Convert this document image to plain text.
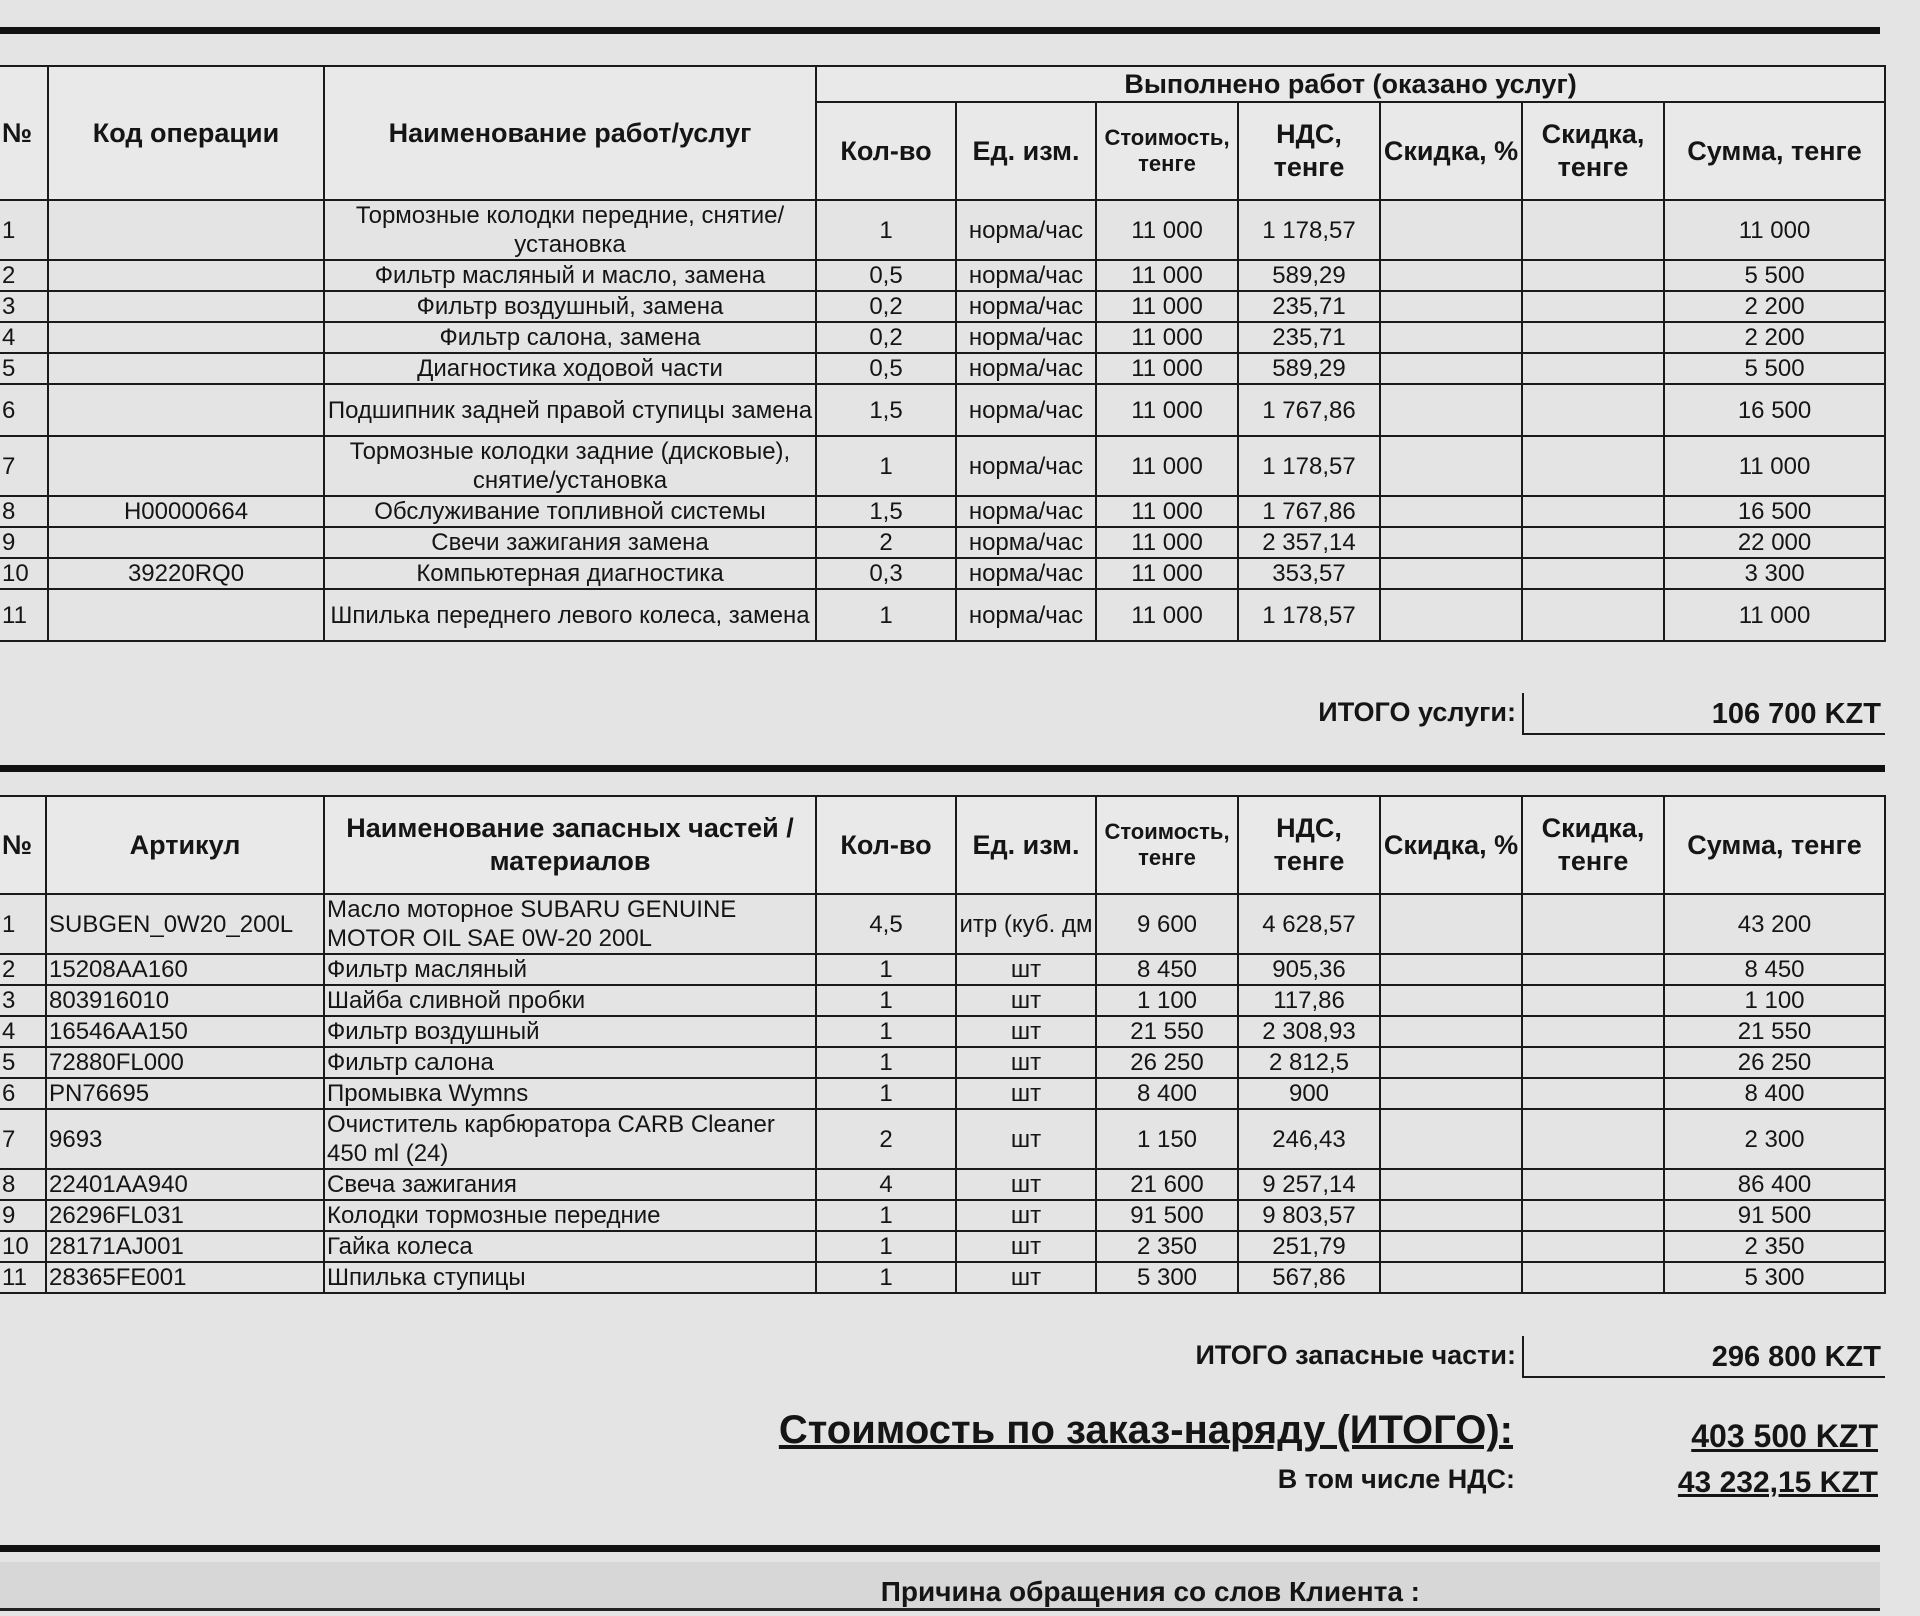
№	Код операции	Наименование работ/услуг	Выполнено работ (оказано услуг)						
			Кол-во	Ед. изм.	Стоимость, тенге	НДС, тенге	Скидка, %	Скидка, тенге	Сумма, тенге
1		Тормозные колодки передние, снятие/установка	1	норма/час	11 000	1 178,57			11 000
2		Фильтр масляный и масло, замена	0,5	норма/час	11 000	589,29			5 500
3		Фильтр воздушный, замена	0,2	норма/час	11 000	235,71			2 200
4		Фильтр салона, замена	0,2	норма/час	11 000	235,71			2 200
5		Диагностика ходовой части	0,5	норма/час	11 000	589,29			5 500
6		Подшипник задней правой ступицы замена	1,5	норма/час	11 000	1 767,86			16 500
7		Тормозные колодки задние (дисковые), снятие/установка	1	норма/час	11 000	1 178,57			11 000
8	H00000664	Обслуживание топливной системы	1,5	норма/час	11 000	1 767,86			16 500
9		Свечи зажигания замена	2	норма/час	11 000	2 357,14			22 000
10	39220RQ0	Компьютерная диагностика	0,3	норма/час	11 000	353,57			3 300
11		Шпилька переднего левого колеса, замена	1	норма/час	11 000	1 178,57			11 000
ИТОГО услуги:	106 700 KZT
№	Артикул	Наименование запасных частей / материалов	Кол-во	Ед. изм.	Стоимость, тенге	НДС, тенге	Скидка, %	Скидка, тенге	Сумма, тенге
1	SUBGEN_0W20_200L	Масло моторное SUBARU GENUINE MOTOR OIL SAE 0W-20 200L	4,5	итр (куб. дм	9 600	4 628,57			43 200
2	15208AA160	Фильтр масляный	1	шт	8 450	905,36			8 450
3	803916010	Шайба сливной пробки	1	шт	1 100	117,86			1 100
4	16546AA150	Фильтр воздушный	1	шт	21 550	2 308,93			21 550
5	72880FL000	Фильтр салона	1	шт	26 250	2 812,5			26 250
6	PN76695	Промывка Wymns	1	шт	8 400	900			8 400
7	9693	Очиститель карбюратора CARB Cleaner 450 ml (24)	2	шт	1 150	246,43			2 300
8	22401AA940	Свеча зажигания	4	шт	21 600	9 257,14			86 400
9	26296FL031	Колодки тормозные передние	1	шт	91 500	9 803,57			91 500
10	28171AJ001	Гайка колеса	1	шт	2 350	251,79			2 350
11	28365FE001	Шпилька ступицы	1	шт	5 300	567,86			5 300
ИТОГО запасные части:	296 800 KZT
Стоимость по заказ-наряду (ИТОГО):	403 500 KZT
В том числе НДС:	43 232,15 KZT
Причина обращения со слов Клиента :
